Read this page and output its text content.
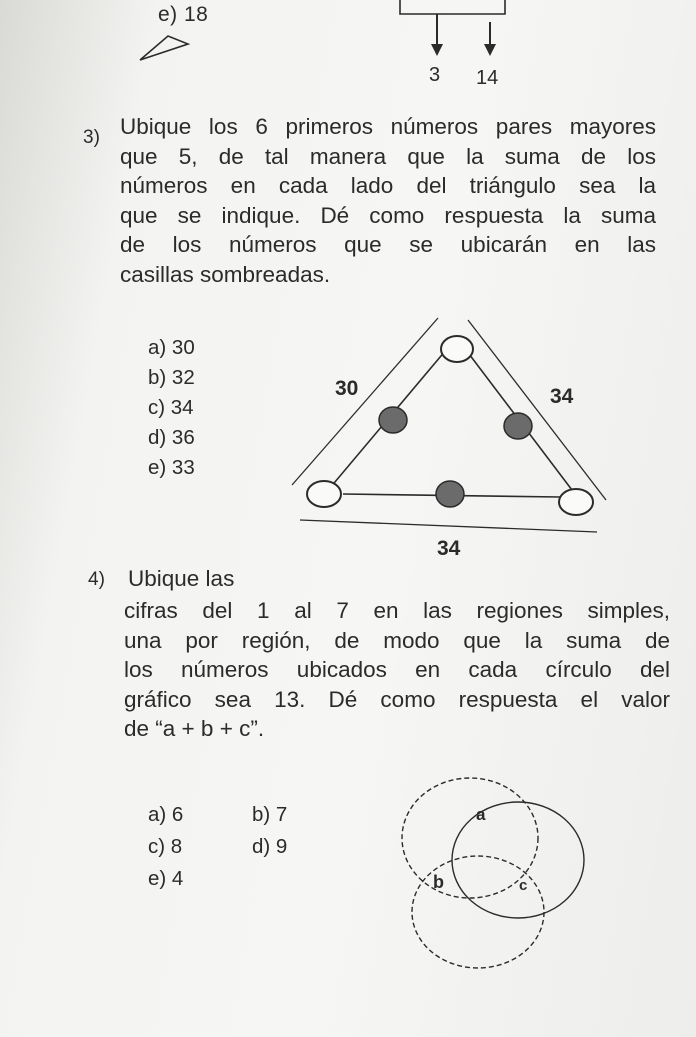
e) 18
3 14
3) Ubique los 6 primeros números pares mayores
que 5, de tal manera que la suma de los
números en cada lado del triángulo sea la
que se indique. Dé como respuesta la suma
de los números que se ubicarán en las
casillas sombreadas.
a) 30
b) 32
c) 34
d) 36
e) 33
30	34
34
4) Ubique las
cifras del 1 al 7 en las regiones simples,
una por región, de modo que la suma de
los números ubicados en cada círculo del
gráfico sea 13. Dé como respuesta el valor
de “a + b + c”.
a) 6	b) 7
c) 8	d) 9
e) 4
a
b	c
